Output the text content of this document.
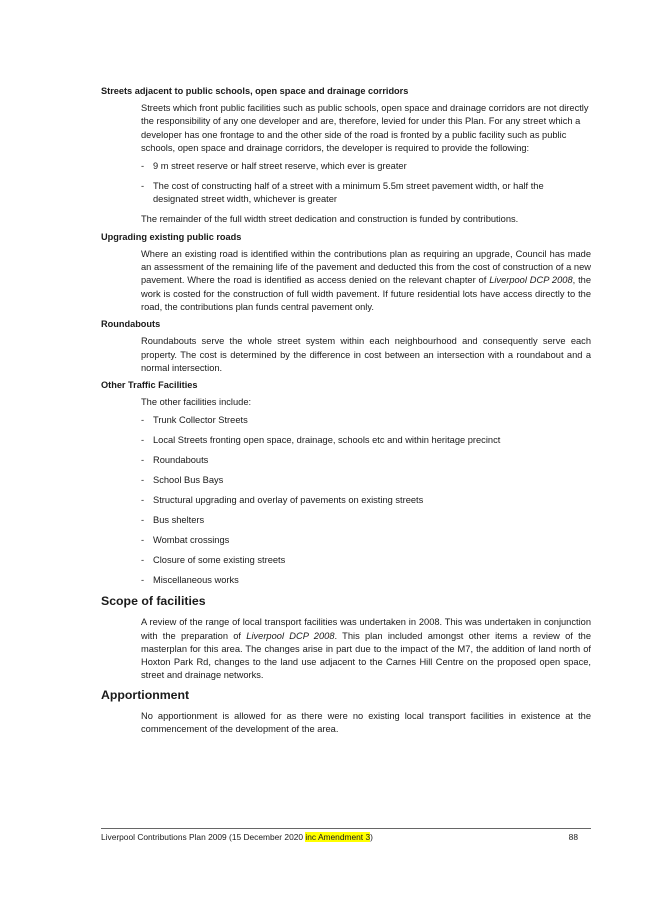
Streets adjacent to public schools, open space and drainage corridors

Streets which front public facilities such as public schools, open space and drainage corridors are not directly the responsibility of any one developer and are, therefore, levied for under this Plan. For any street which a developer has one frontage to and the other side of the road is fronted by a public facility such as public schools, open space and drainage corridors, the developer is required to provide the following:

- 9 m street reserve or half street reserve, which ever is greater
- The cost of constructing half of a street with a minimum 5.5m street pavement width, or half the designated street width, whichever is greater

The remainder of the full width street dedication and construction is funded by contributions.

Upgrading existing public roads

Where an existing road is identified within the contributions plan as requiring an upgrade, Council has made an assessment of the remaining life of the pavement and deducted this from the cost of construction of a new pavement. Where the road is identified as access denied on the relevant chapter of Liverpool DCP 2008, the work is costed for the construction of full width pavement. If future residential lots have access directly to the road, the contributions plan funds central pavement only.

Roundabouts

Roundabouts serve the whole street system within each neighbourhood and consequently serve each property. The cost is determined by the difference in cost between an intersection with a roundabout and a normal intersection.

Other Traffic Facilities

The other facilities include:

- Trunk Collector Streets
- Local Streets fronting open space, drainage, schools etc and within heritage precinct
- Roundabouts
- School Bus Bays
- Structural upgrading and overlay of pavements on existing streets
- Bus shelters
- Wombat crossings
- Closure of some existing streets
- Miscellaneous works
Scope of facilities

A review of the range of local transport facilities was undertaken in 2008. This was undertaken in conjunction with the preparation of Liverpool DCP 2008. This plan included amongst other items a review of the masterplan for this area. The changes arise in part due to the impact of the M7, the addition of land north of Hoxton Park Rd, changes to the land use adjacent to the Carnes Hill Centre on the proposed open space, street and drainage networks.

Apportionment

No apportionment is allowed for as there were no existing local transport facilities in existence at the commencement of the development of the area.

Liverpool Contributions Plan 2009 (15 December 2020 inc Amendment 3)	88
